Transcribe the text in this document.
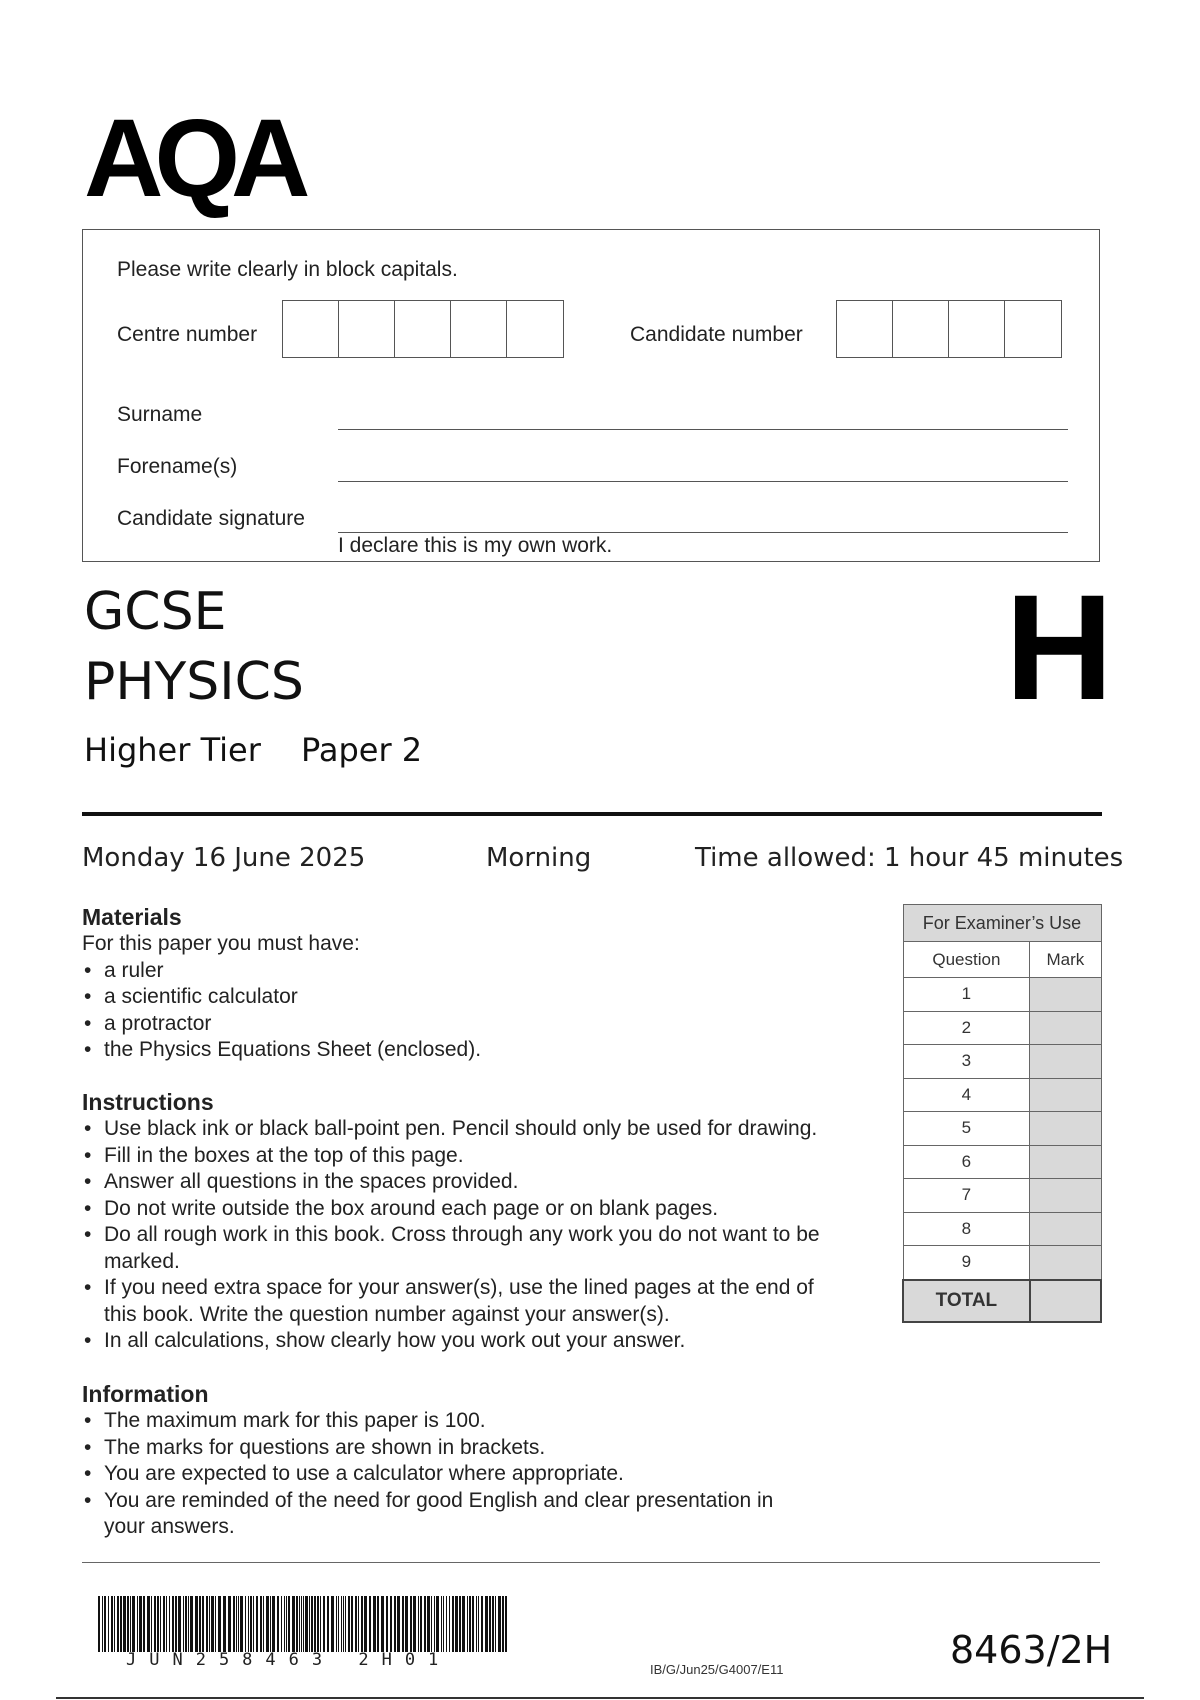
AQA
Please write clearly in block capitals.
Centre number	Candidate number
Surname
Forename(s)
Candidate signature
I declare this is my own work.
GCSE
PHYSICS
Higher Tier Paper 2
H
Monday 16 June 2025	Morning	Time allowed: 1 hour 45 minutes
Materials
For this paper you must have:
• a ruler
• a scientific calculator
• a protractor
• the Physics Equations Sheet (enclosed).
Instructions
• Use black ink or black ball-point pen. Pencil should only be used for drawing.
• Fill in the boxes at the top of this page.
• Answer all questions in the spaces provided.
• Do not write outside the box around each page or on blank pages.
• Do all rough work in this book. Cross through any work you do not want to be marked.
• If you need extra space for your answer(s), use the lined pages at the end of this book. Write the question number against your answer(s).
• In all calculations, show clearly how you work out your answer.
Information
• The maximum mark for this paper is 100.
• The marks for questions are shown in brackets.
• You are expected to use a calculator where appropriate.
• You are reminded of the need for good English and clear presentation in your answers.
For Examiner’s Use	
Question	Mark
1	
2	
3	
4	
5	
6	
7	
8	
9	
TOTAL	
JUN258463 2H01	IB/G/Jun25/G4007/E11	8463/2H
